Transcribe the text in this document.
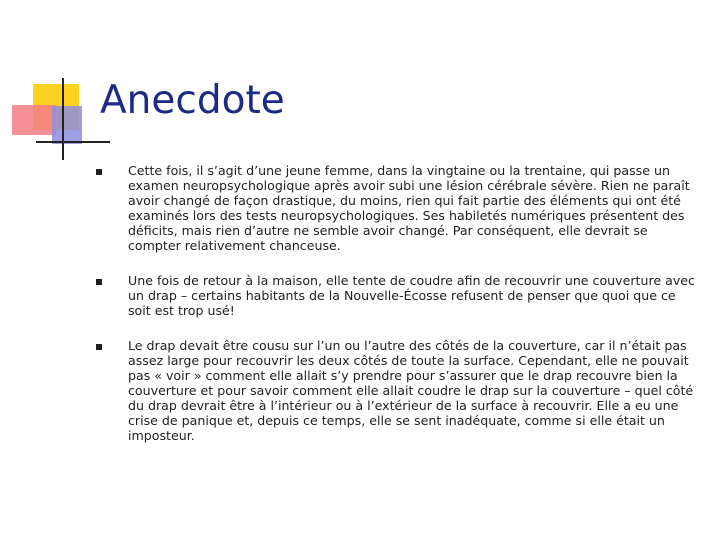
Anecdote
Cette fois, il s’agit d’une jeune femme, dans la vingtaine ou la trentaine, qui passe un examen neuropsychologique après avoir subi une lésion cérébrale sévère. Rien ne paraît avoir changé de façon drastique, du moins, rien qui fait partie des éléments qui ont été examinés lors des tests neuropsychologiques. Ses habiletés numériques présentent des déficits, mais rien d’autre ne semble avoir changé. Par conséquent, elle devrait se compter relativement chanceuse.
Une fois de retour à la maison, elle tente de coudre afin de recouvrir une couverture avec un drap – certains habitants de la Nouvelle-Écosse refusent de penser que quoi que ce soit est trop usé!
Le drap devait être cousu sur l’un ou l’autre des côtés de la couverture, car il n’était pas assez large pour recouvrir les deux côtés de toute la surface. Cependant, elle ne pouvait pas « voir » comment elle allait s’y prendre pour s’assurer que le drap recouvre bien la couverture et pour savoir comment elle allait coudre le drap sur la couverture – quel côté du drap devrait être à l’intérieur ou à l’extérieur de la surface à recouvrir. Elle a eu une crise de panique et, depuis ce temps, elle se sent inadéquate, comme si elle était un imposteur.
